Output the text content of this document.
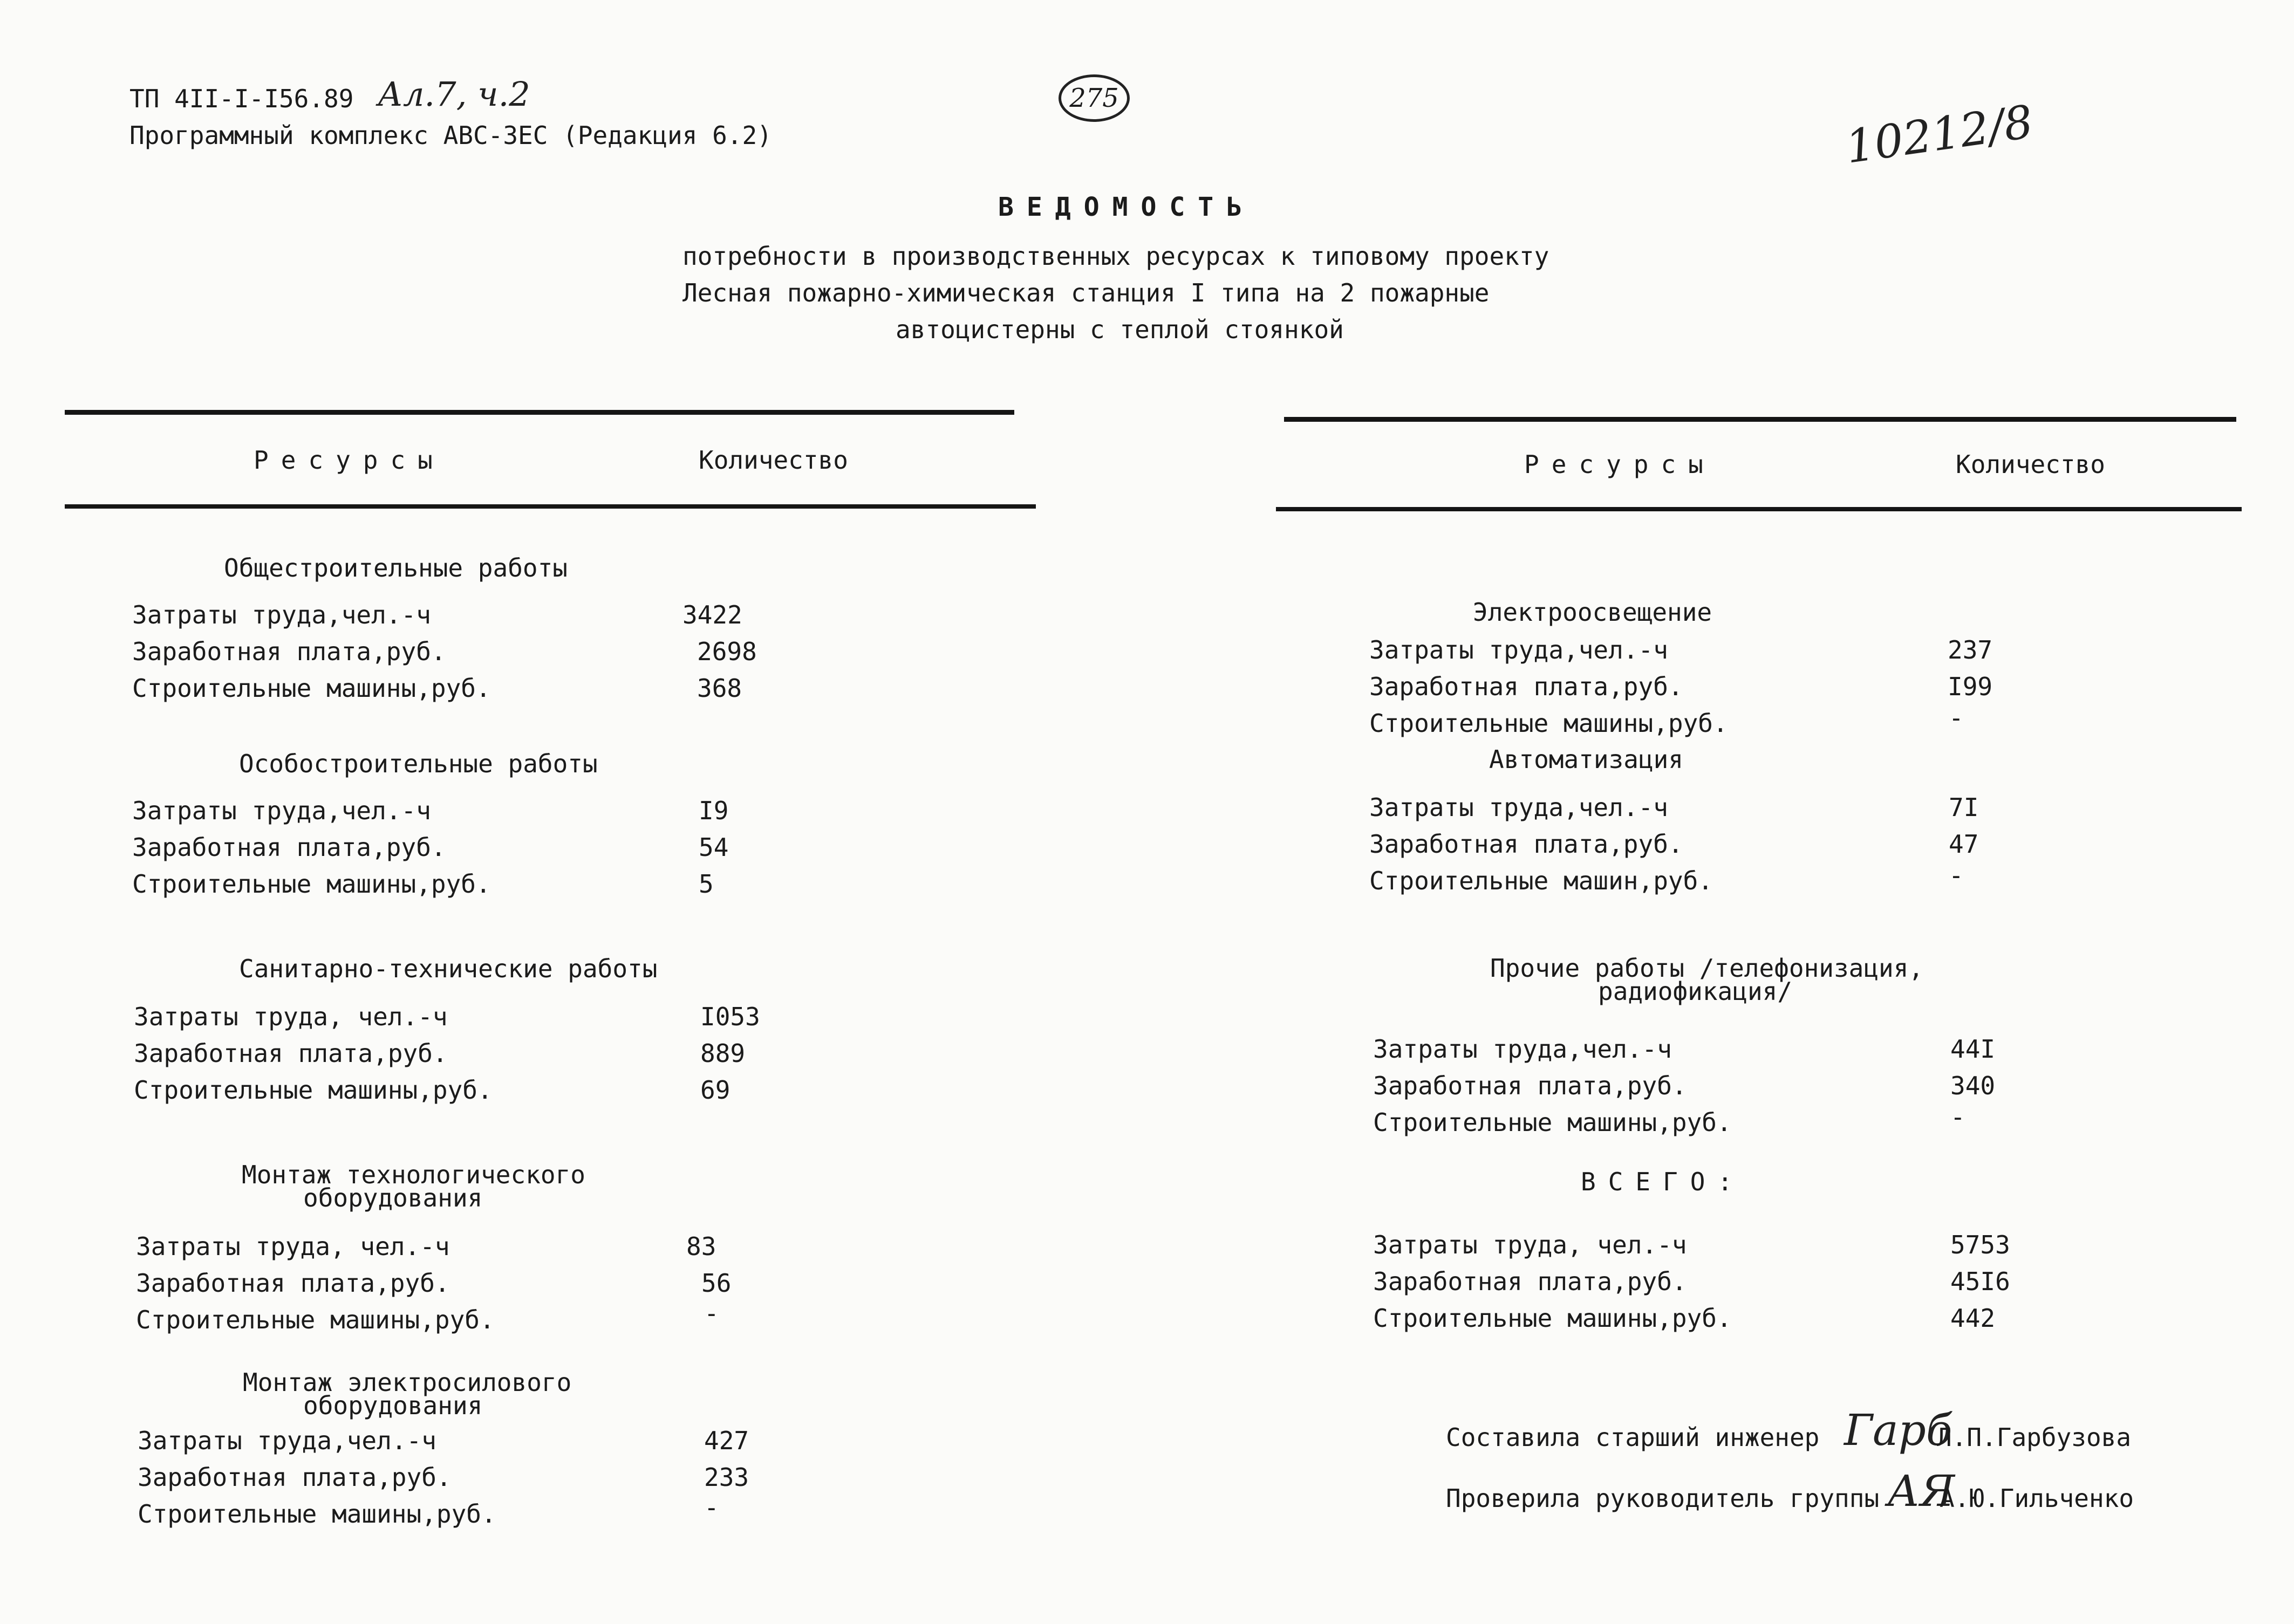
ТП 4II-I-I56.89 Ал.7, ч.2
Программный комплекс АВС-ЗЕС (Редакция 6.2)
275	10212/8
ВЕДОМОСТЬ
потребности в производственных ресурсах к типовому проекту
Лесная пожарно-химическая станция I типа на 2 пожарные
автоцистерны с теплой стоянкой
Ресурсы	Количество
Общестроительные работы
Затраты труда,чел.-ч	3422
Заработная плата,руб.	2698
Строительные машины,руб.	368
Особостроительные работы
Затраты труда,чел.-ч	I9
Заработная плата,руб.	54
Строительные машины,руб.	5
Санитарно-технические работы
Затраты труда, чел.-ч	I053
Заработная плата,руб.	889
Строительные машины,руб.	69
Монтаж технологического
оборудования
Затраты труда, чел.-ч	83
Заработная плата,руб.	56
Строительные машины,руб.	-
Монтаж электросилового
оборудования
Затраты труда,чел.-ч	427
Заработная плата,руб.	233
Строительные машины,руб.	-
Ресурсы	Количество
Электроосвещение
Затраты труда,чел.-ч	237
Заработная плата,руб.	I99
Строительные машины,руб.	-
Автоматизация
Затраты труда,чел.-ч	7I
Заработная плата,руб.	47
Строительные машин,руб.	-
Прочие работы /телефонизация,
радиофикация/
Затраты труда,чел.-ч	44I
Заработная плата,руб.	340
Строительные машины,руб.	-
ВСЕГО:
Затраты труда, чел.-ч	5753
Заработная плата,руб.	45I6
Строительные машины,руб.	442
Составила старший инженер Гарб
Л.П.Гарбузова
Проверила руководитель группы АЯ
А.Ю.Гильченко
